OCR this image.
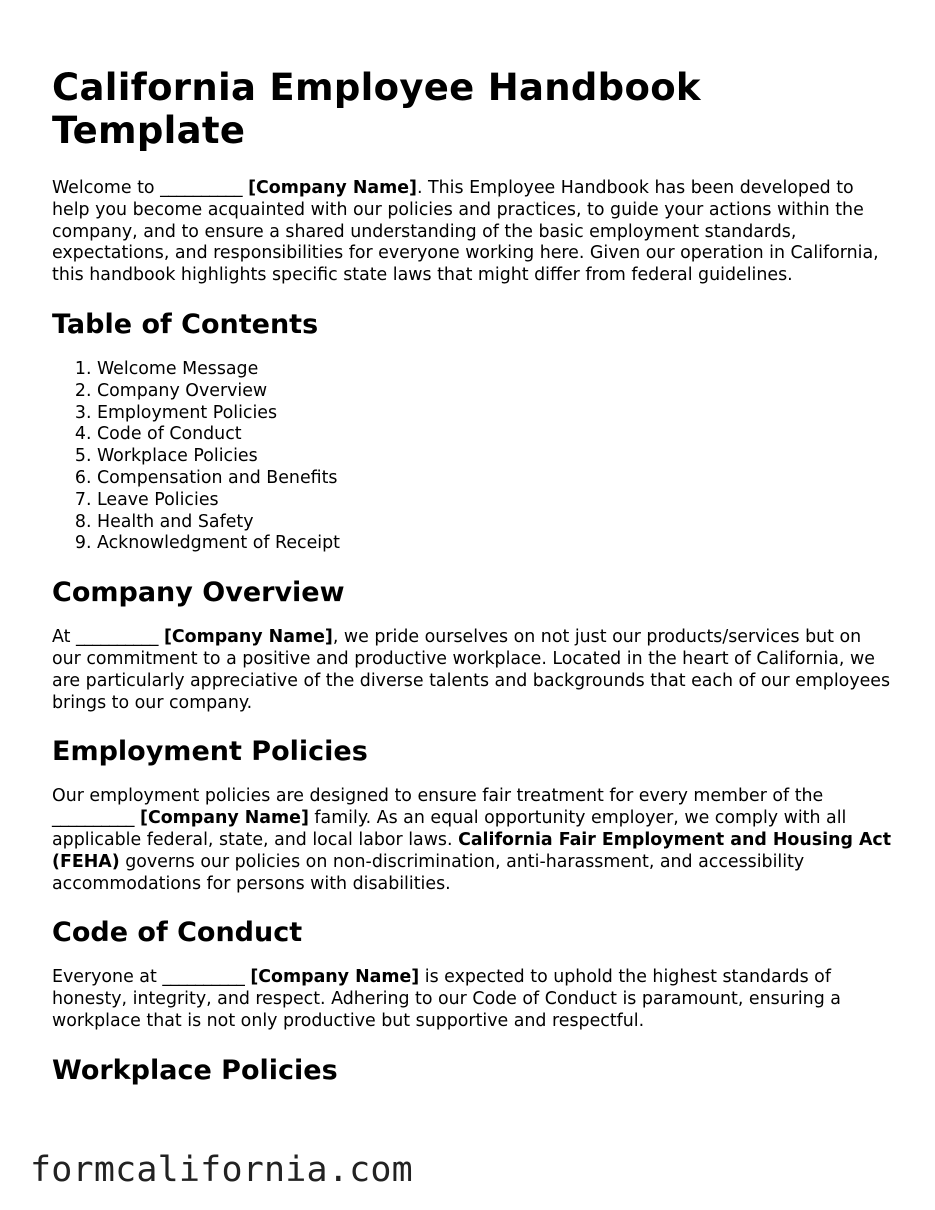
California Employee Handbook Template

Welcome to __________ [Company Name]. This Employee Handbook has been developed to help you become acquainted with our policies and practices, to guide your actions within the company, and to ensure a shared understanding of the basic employment standards, expectations, and responsibilities for everyone working here. Given our operation in California, this handbook highlights specific state laws that might differ from federal guidelines.

Table of Contents
1. Welcome Message
2. Company Overview
3. Employment Policies
4. Code of Conduct
5. Workplace Policies
6. Compensation and Benefits
7. Leave Policies
8. Health and Safety
9. Acknowledgment of Receipt
Company Overview

At __________ [Company Name], we pride ourselves on not just our products/services but on our commitment to a positive and productive workplace. Located in the heart of California, we are particularly appreciative of the diverse talents and backgrounds that each of our employees brings to our company.

Employment Policies

Our employment policies are designed to ensure fair treatment for every member of the __________ [Company Name] family. As an equal opportunity employer, we comply with all applicable federal, state, and local labor laws. California Fair Employment and Housing Act (FEHA) governs our policies on non-discrimination, anti-harassment, and accessibility accommodations for persons with disabilities.

Code of Conduct

Everyone at __________ [Company Name] is expected to uphold the highest standards of honesty, integrity, and respect. Adhering to our Code of Conduct is paramount, ensuring a workplace that is not only productive but supportive and respectful.

Workplace Policies
formcalifornia.com
